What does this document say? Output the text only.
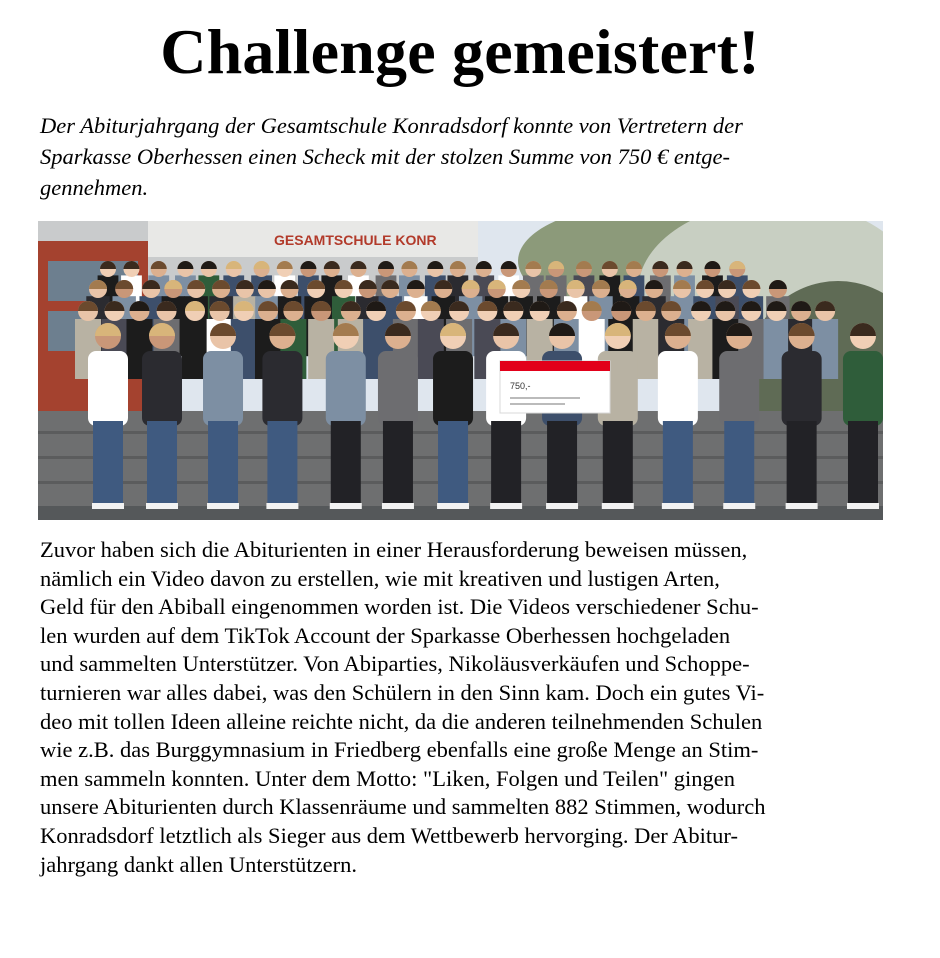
Challenge gemeistert!

Der Abiturjahrgang der Gesamtschule Konradsdorf konnte von Vertretern der
Sparkasse Oberhessen einen Scheck mit der stolzen Summe von 750 € entge-
gennehmen.

GESAMTSCHULE KONR
750,-

Zuvor haben sich die Abiturienten in einer Herausforderung beweisen müssen,
nämlich ein Video davon zu erstellen, wie mit kreativen und lustigen Arten,
Geld für den Abiball eingenommen worden ist. Die Videos verschiedener Schu-
len wurden auf dem TikTok Account der Sparkasse Oberhessen hochgeladen
und sammelten Unterstützer. Von Abiparties, Nikoläusverkäufen und Schoppe-
turnieren war alles dabei, was den Schülern in den Sinn kam. Doch ein gutes Vi-
deo mit tollen Ideen alleine reichte nicht, da die anderen teilnehmenden Schulen
wie z.B. das Burggymnasium in Friedberg ebenfalls eine große Menge an Stim-
men sammeln konnten. Unter dem Motto: "Liken, Folgen und Teilen" gingen
unsere Abiturienten durch Klassenräume und sammelten 882 Stimmen, wodurch
Konradsdorf letztlich als Sieger aus dem Wettbewerb hervorging. Der Abitur-
jahrgang dankt allen Unterstützern.
